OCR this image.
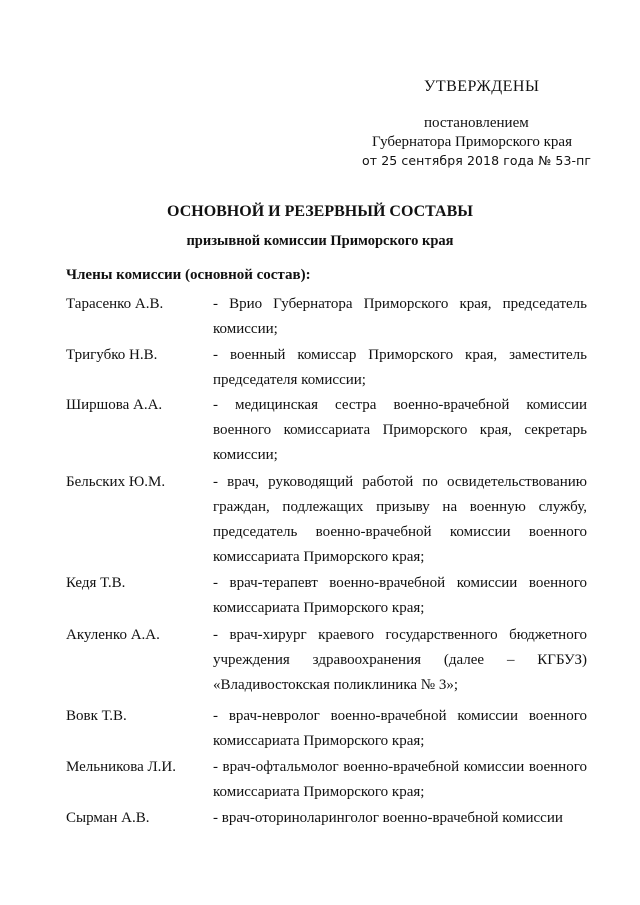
УТВЕРЖДЕНЫ
постановлением
Губернатора Приморского края
от 25 сентября 2018 года № 53-пг
ОСНОВНОЙ И РЕЗЕРВНЫЙ СОСТАВЫ
призывной комиссии Приморского края
Члены комиссии (основной состав):
Тарасенко А.В.	- Врио Губернатора Приморского края, председатель комиссии;
Тригубко Н.В.	- военный комиссар Приморского края, заместитель председателя комиссии;
Ширшова А.А.	- медицинская сестра военно-врачебной комиссии военного комиссариата Приморского края, секретарь комиссии;
Бельских Ю.М.	- врач, руководящий работой по освидетельствованию граждан, подлежащих призыву на военную службу, председатель военно-врачебной комиссии военного комиссариата Приморского края;
Кедя Т.В.	- врач-терапевт военно-врачебной комиссии военного комиссариата Приморского края;
Акуленко А.А.	- врач-хирург краевого государственного бюджетного учреждения здравоохранения (далее – КГБУЗ) «Владивостокская поликлиника № 3»;
Вовк Т.В.	- врач-невролог военно-врачебной комиссии военного комиссариата Приморского края;
Мельникова Л.И.	- врач-офтальмолог военно-врачебной комиссии военного комиссариата Приморского края;
Сырман А.В.	- врач-оториноларинголог военно-врачебной комиссии
